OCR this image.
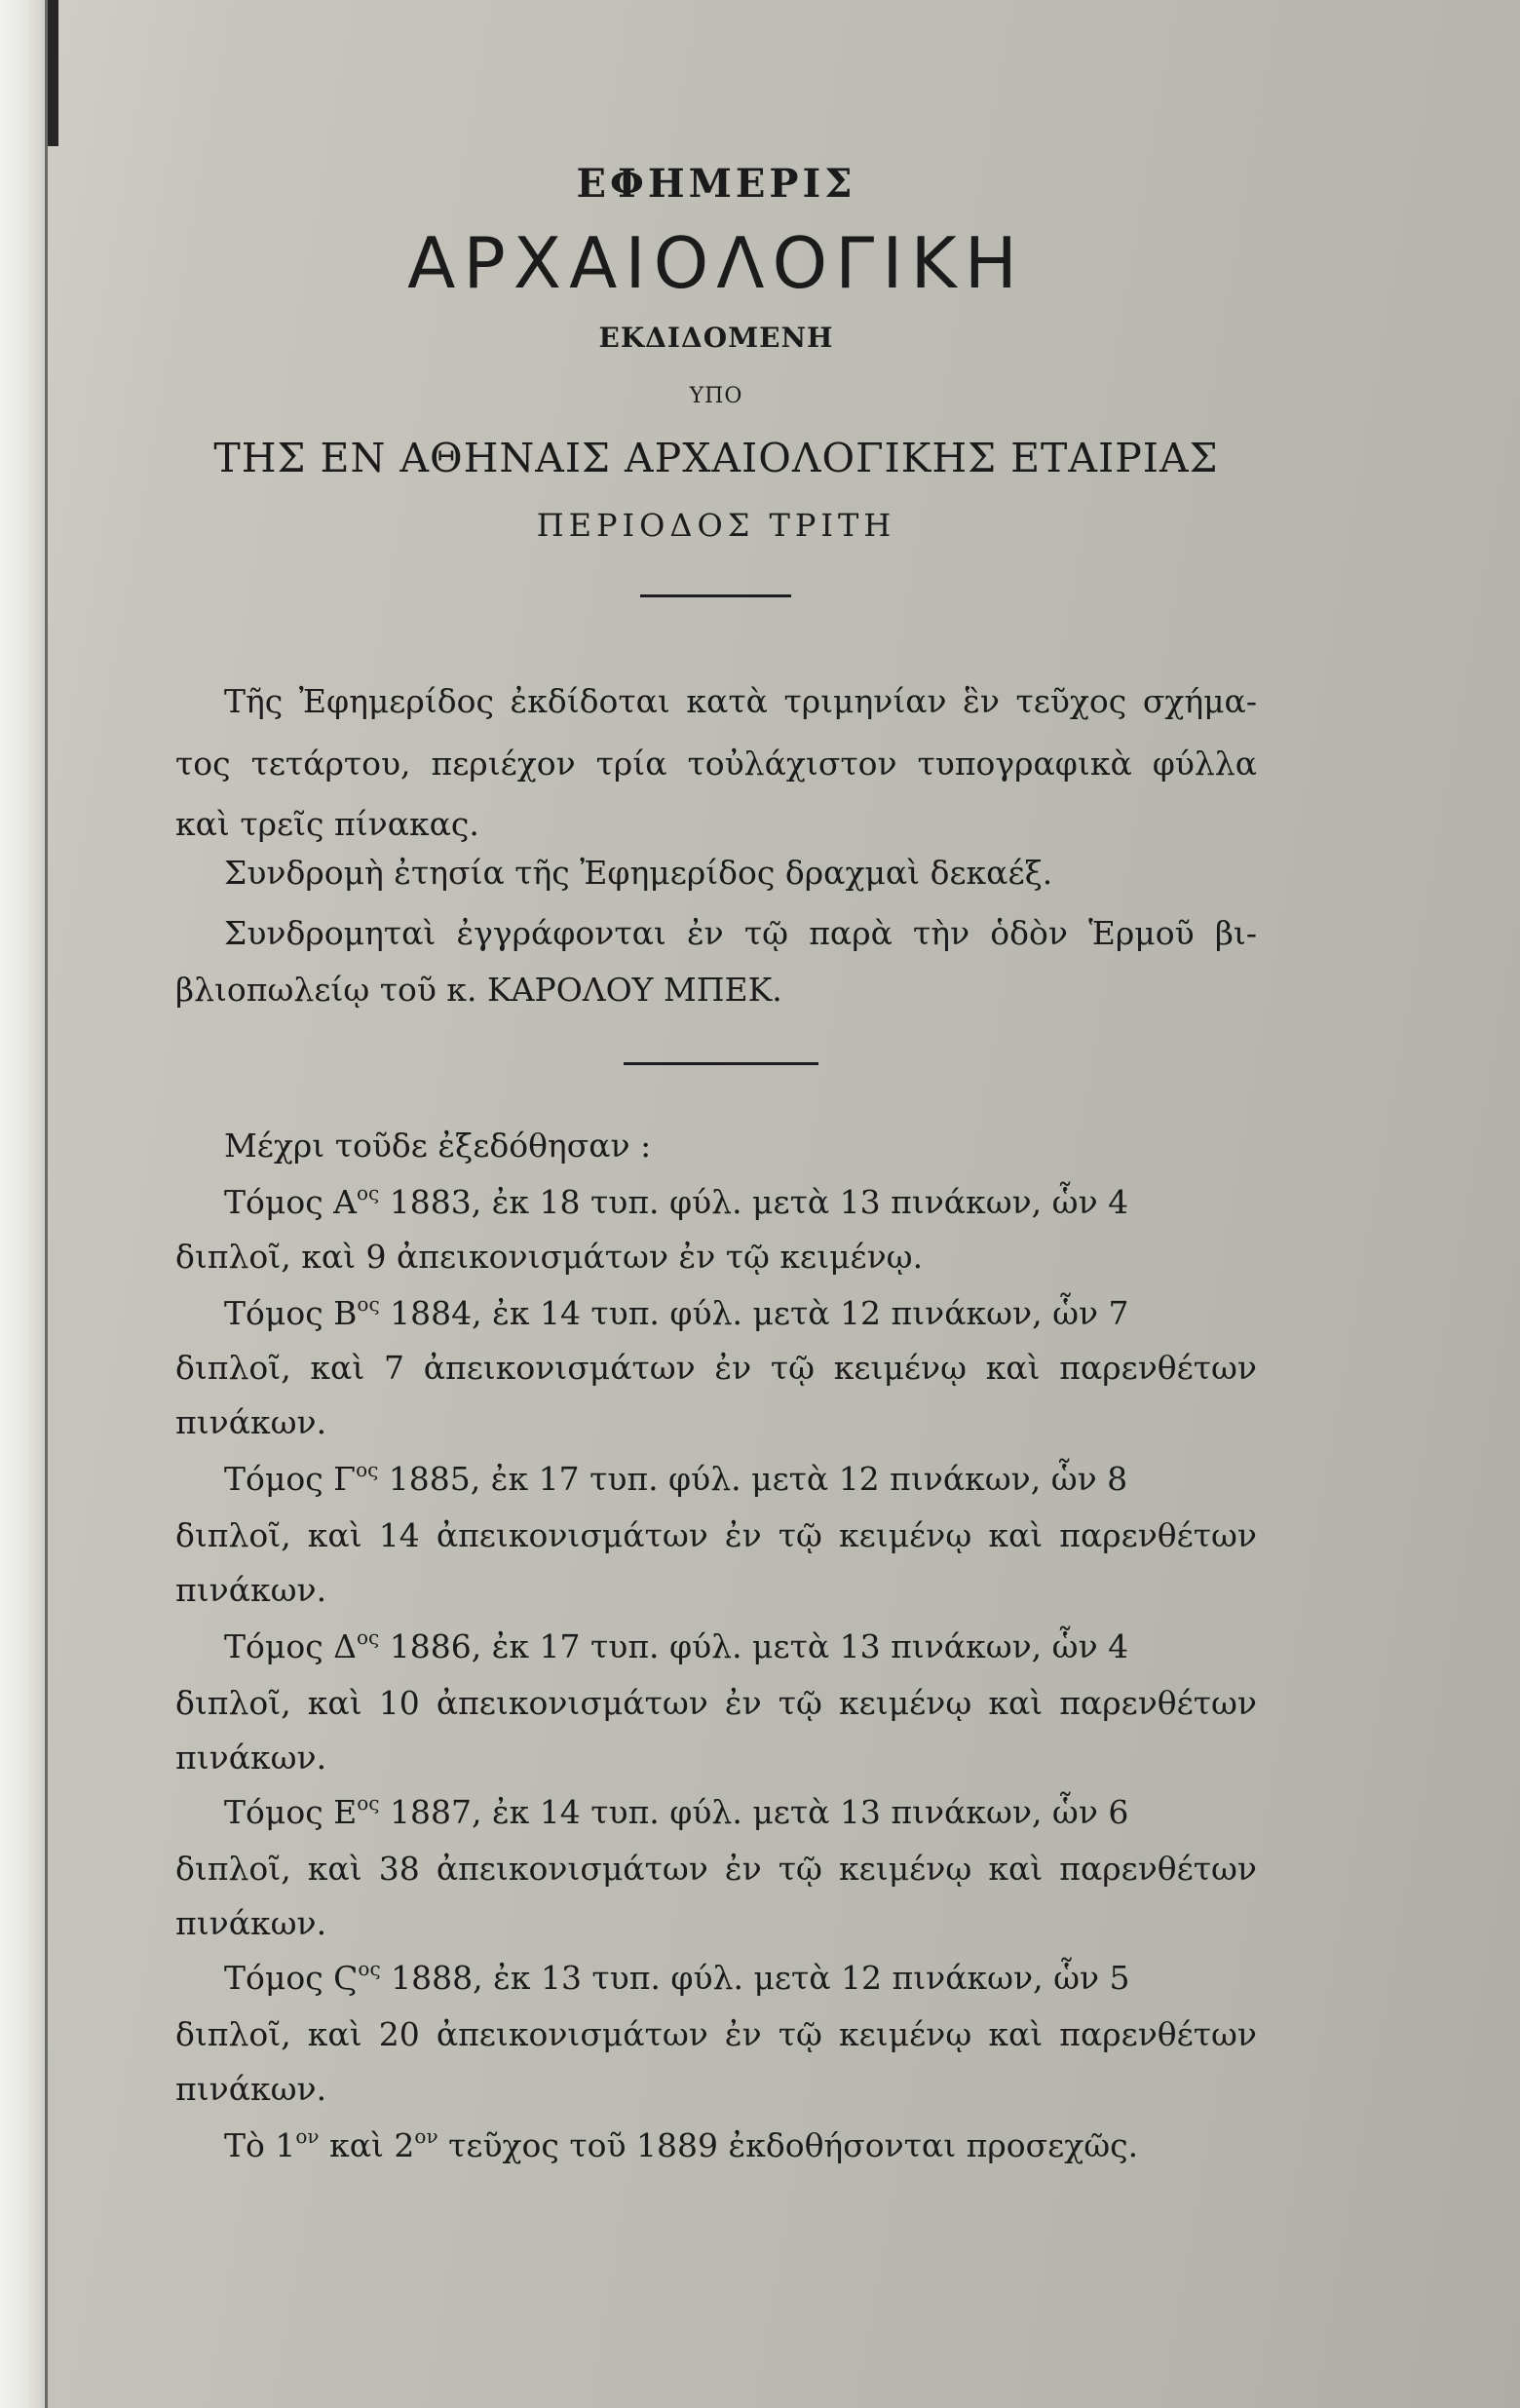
ΕΦΗΜΕΡΙΣ
ΑΡΧΑΙΟΛΟΓΙΚΗ
ΕΚΔΙΔΟΜΕΝΗ
ΥΠΟ
ΤΗΣ ΕΝ ΑΘΗΝΑΙΣ ΑΡΧΑΙΟΛΟΓΙΚΗΣ ΕΤΑΙΡΙΑΣ
ΠΕΡΙΟΔΟΣ ΤΡΙΤΗ
Τῆς Ἐφημερίδος ἐκδίδοται κατὰ τριμηνίαν ἓν τεῦχος σχήμα-
τος τετάρτου, περιέχον τρία τοὐλάχιστον τυπογραφικὰ φύλλα
καὶ τρεῖς πίνακας.
Συνδρομὴ ἐτησία τῆς Ἐφημερίδος δραχμαὶ δεκαέξ.
Συνδρομηταὶ ἐγγράφονται ἐν τῷ παρὰ τὴν ὁδὸν Ἑρμοῦ βι-
βλιοπωλείῳ τοῦ κ. ΚΑΡΟΛΟΥ ΜΠΕΚ.
Μέχρι τοῦδε ἐξεδόθησαν :
Τόμος $A^{o\varsigma}$ 1883, ἐκ 18 τυπ. φύλ. μετὰ 13 πινάκων, ὧν 4
διπλοῖ, καὶ 9 ἀπεικονισμάτων ἐν τῷ κειμένῳ.
Τόμος $B^{o\varsigma}$ 1884, ἐκ 14 τυπ. φύλ. μετὰ 12 πινάκων, ὧν 7
διπλοῖ, καὶ 7 ἀπεικονισμάτων ἐν τῷ κειμένῳ καὶ παρενθέτων
πινάκων.
Τόμος $\Gamma^{o\varsigma}$ 1885, ἐκ 17 τυπ. φύλ. μετὰ 12 πινάκων, ὧν 8
διπλοῖ, καὶ 14 ἀπεικονισμάτων ἐν τῷ κειμένῳ καὶ παρενθέτων
πινάκων.
Τόμος $\Delta^{o\varsigma}$ 1886, ἐκ 17 τυπ. φύλ. μετὰ 13 πινάκων, ὧν 4
διπλοῖ, καὶ 10 ἀπεικονισμάτων ἐν τῷ κειμένῳ καὶ παρενθέτων
πινάκων.
Τόμος $E^{o\varsigma}$ 1887, ἐκ 14 τυπ. φύλ. μετὰ 13 πινάκων, ὧν 6
διπλοῖ, καὶ 38 ἀπεικονισμάτων ἐν τῷ κειμένῳ καὶ παρενθέτων
πινάκων.
Τόμος $Ϛ^{o\varsigma}$ 1888, ἐκ 13 τυπ. φύλ. μετὰ 12 πινάκων, ὧν 5
διπλοῖ, καὶ 20 ἀπεικονισμάτων ἐν τῷ κειμένῳ καὶ παρενθέτων
πινάκων.
Τὸ $1^{o\nu}$ καὶ $2^{o\nu}$ τεῦχος τοῦ 1889 ἐκδοθήσονται προσεχῶς.
